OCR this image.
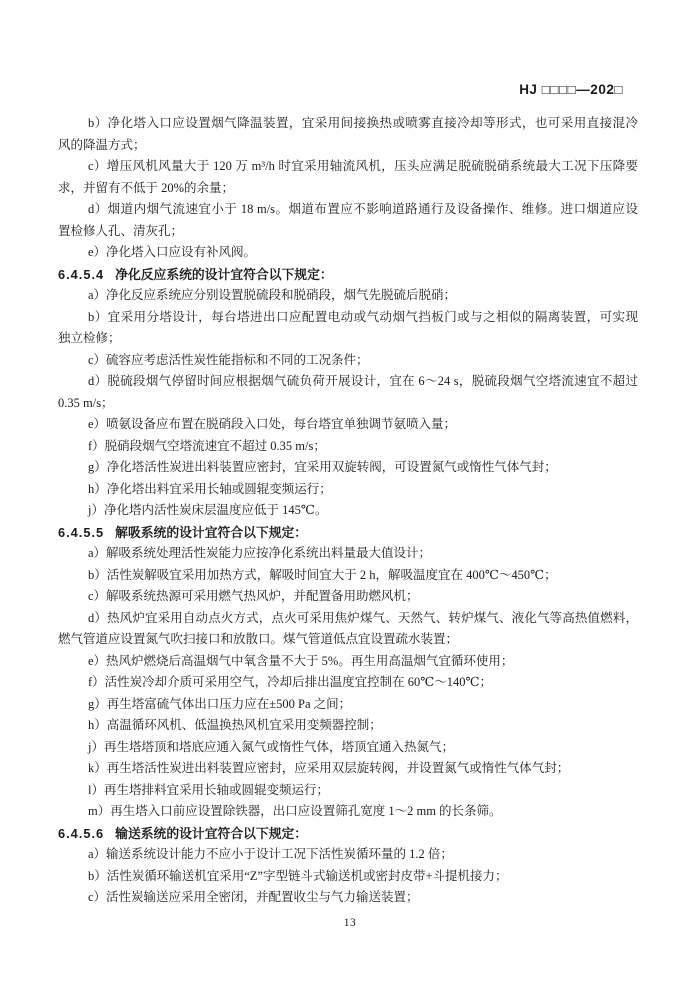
HJ □□□□—202□
b）净化塔入口应设置烟气降温装置，宜采用间接换热或喷雾直接冷却等形式，也可采用直接混冷
风的降温方式；
c）增压风机风量大于 120 万 m³/h 时宜采用轴流风机，压头应满足脱硫脱硝系统最大工况下压降要
求，并留有不低于 20%的余量；
d）烟道内烟气流速宜小于 18 m/s。烟道布置应不影响道路通行及设备操作、维修。进口烟道应设
置检修人孔、清灰孔；
e）净化塔入口应设有补风阀。
6.4.5.4 净化反应系统的设计宜符合以下规定：
a）净化反应系统应分别设置脱硫段和脱硝段，烟气先脱硫后脱硝；
b）宜采用分塔设计，每台塔进出口应配置电动或气动烟气挡板门或与之相似的隔离装置，可实现
独立检修；
c）硫容应考虑活性炭性能指标和不同的工况条件；
d）脱硫段烟气停留时间应根据烟气硫负荷开展设计，宜在 6～24 s，脱硫段烟气空塔流速宜不超过
0.35 m/s；
e）喷氨设备应布置在脱硝段入口处，每台塔宜单独调节氨喷入量；
f）脱硝段烟气空塔流速宜不超过 0.35 m/s；
g）净化塔活性炭进出料装置应密封，宜采用双旋转阀，可设置氮气或惰性气体气封；
h）净化塔出料宜采用长轴或圆辊变频运行；
j）净化塔内活性炭床层温度应低于 145℃。
6.4.5.5 解吸系统的设计宜符合以下规定：
a）解吸系统处理活性炭能力应按净化系统出料量最大值设计；
b）活性炭解吸宜采用加热方式，解吸时间宜大于 2 h，解吸温度宜在 400℃～450℃；
c）解吸系统热源可采用燃气热风炉，并配置备用助燃风机；
d）热风炉宜采用自动点火方式，点火可采用焦炉煤气、天然气、转炉煤气、液化气等高热值燃料，
燃气管道应设置氮气吹扫接口和放散口。煤气管道低点宜设置疏水装置；
e）热风炉燃烧后高温烟气中氧含量不大于 5%。再生用高温烟气宜循环使用；
f）活性炭冷却介质可采用空气，冷却后排出温度宜控制在 60℃～140℃；
g）再生塔富硫气体出口压力应在±500 Pa 之间；
h）高温循环风机、低温换热风机宜采用变频器控制；
j）再生塔塔顶和塔底应通入氮气或惰性气体，塔顶宜通入热氮气；
k）再生塔活性炭进出料装置应密封，应采用双层旋转阀，并设置氮气或惰性气体气封；
l）再生塔排料宜采用长轴或圆辊变频运行；
m）再生塔入口前应设置除铁器，出口应设置筛孔宽度 1～2 mm 的长条筛。
6.4.5.6 输送系统的设计宜符合以下规定：
a）输送系统设计能力不应小于设计工况下活性炭循环量的 1.2 倍；
b）活性炭循环输送机宜采用“Z”字型链斗式输送机或密封皮带+斗提机接力；
c）活性炭输送应采用全密闭，并配置收尘与气力输送装置；
13
